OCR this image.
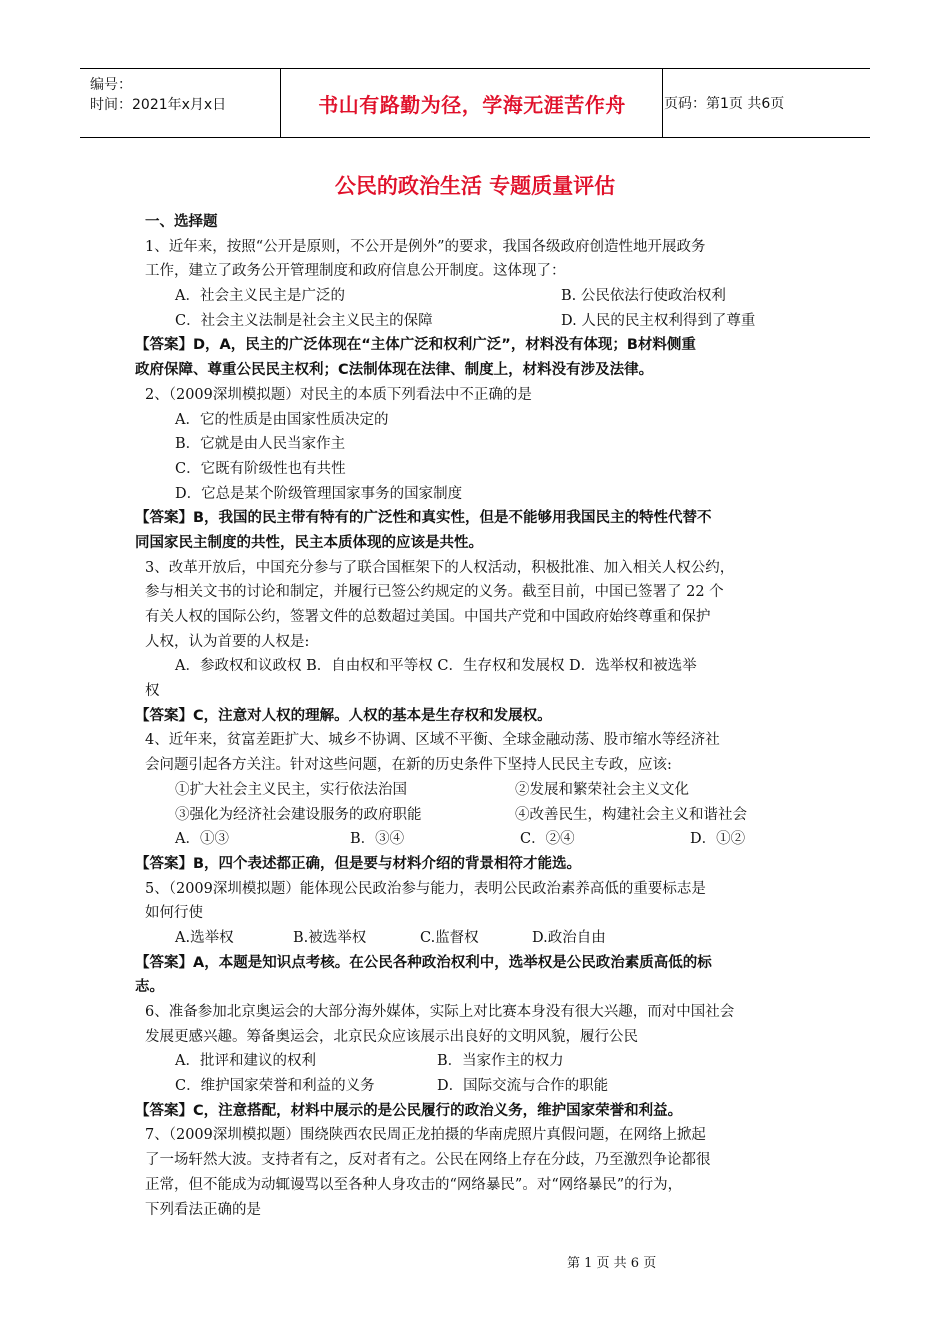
编号：
时间：2021年x月x日	书山有路勤为径，学海无涯苦作舟	页码：第1页 共6页
公民的政治生活 专题质量评估
一、选择题
1、近年来，按照“公开是原则，不公开是例外”的要求，我国各级政府创造性地开展政务
工作，建立了政务公开管理制度和政府信息公开制度。这体现了：
A．社会主义民主是广泛的	B. 公民依法行使政治权利
C．社会主义法制是社会主义民主的保障	D. 人民的民主权利得到了尊重
【答案】D，A，民主的广泛体现在“主体广泛和权利广泛”，材料没有体现；B材料侧重
政府保障、尊重公民民主权利；C法制体现在法律、制度上，材料没有涉及法律。
2、（2009深圳模拟题）对民主的本质下列看法中不正确的是
A．它的性质是由国家性质决定的
B．它就是由人民当家作主
C．它既有阶级性也有共性
D．它总是某个阶级管理国家事务的国家制度
【答案】B，我国的民主带有特有的广泛性和真实性，但是不能够用我国民主的特性代替不
同国家民主制度的共性，民主本质体现的应该是共性。
3、改革开放后，中国充分参与了联合国框架下的人权活动，积极批准、加入相关人权公约，
参与相关文书的讨论和制定，并履行已签公约规定的义务。截至目前，中国已签署了 22 个
有关人权的国际公约，签署文件的总数超过美国。中国共产党和中国政府始终尊重和保护
人权，认为首要的人权是:
A．参政权和议政权 B．自由权和平等权 C．生存权和发展权 D．选举权和被选举
权
【答案】C，注意对人权的理解。人权的基本是生存权和发展权。
4、近年来，贫富差距扩大、城乡不协调、区域不平衡、全球金融动荡、股市缩水等经济社
会问题引起各方关注。针对这些问题，在新的历史条件下坚持人民民主专政，应该:
①扩大社会主义民主，实行依法治国	②发展和繁荣社会主义文化
③强化为经济社会建设服务的政府职能	④改善民生，构建社会主义和谐社会
A．①③	B．③④	C．②④	D．①②
【答案】B，四个表述都正确，但是要与材料介绍的背景相符才能选。
5、（2009深圳模拟题）能体现公民政治参与能力，表明公民政治素养高低的重要标志是
如何行使
A.选举权	B.被选举权	C.监督权	D.政治自由
【答案】A，本题是知识点考核。在公民各种政治权利中，选举权是公民政治素质高低的标
志。
6、准备参加北京奥运会的大部分海外媒体，实际上对比赛本身没有很大兴趣，而对中国社会
发展更感兴趣。筹备奥运会，北京民众应该展示出良好的文明风貌，履行公民
A．批评和建议的权利	B．当家作主的权力
C．维护国家荣誉和利益的义务	D．国际交流与合作的职能
【答案】C，注意搭配，材料中展示的是公民履行的政治义务，维护国家荣誉和利益。
7、（2009深圳模拟题）围绕陕西农民周正龙拍摄的华南虎照片真假问题，在网络上掀起
了一场轩然大波。支持者有之，反对者有之。公民在网络上存在分歧，乃至激烈争论都很
正常，但不能成为动辄谩骂以至各种人身攻击的“网络暴民”。对“网络暴民”的行为，
下列看法正确的是
第 1 页 共 6 页
